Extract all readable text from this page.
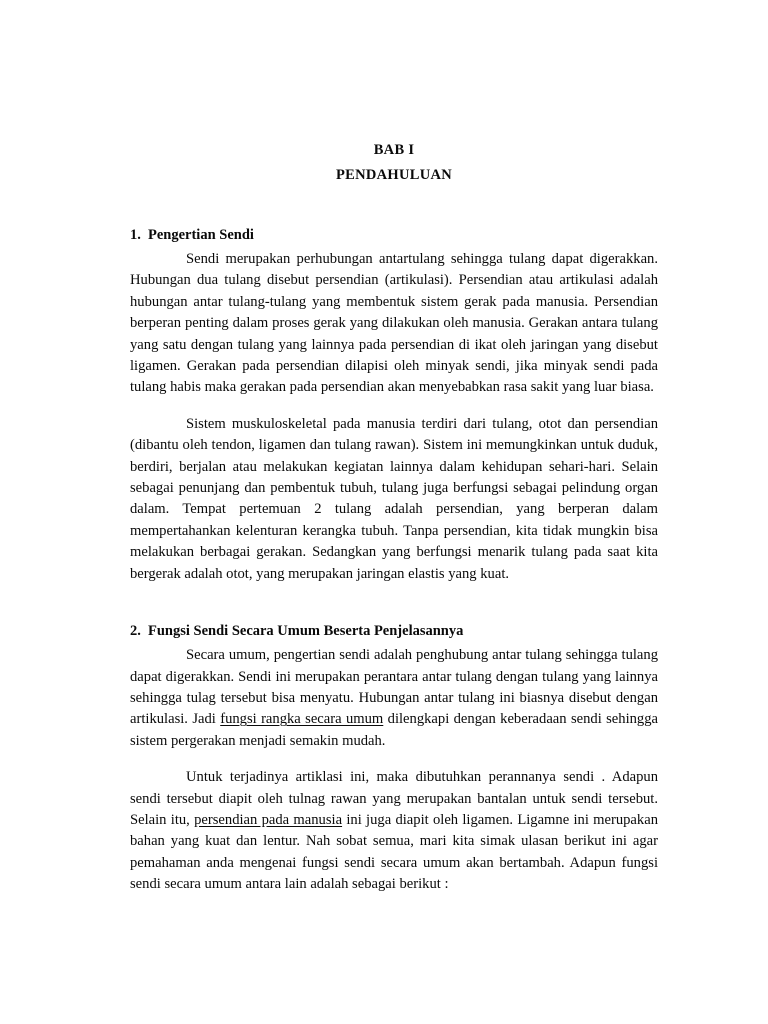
BAB I
PENDAHULUAN
1. Pengertian Sendi

Sendi merupakan perhubungan antartulang sehingga tulang dapat digerakkan. Hubungan dua tulang disebut persendian (artikulasi). Persendian atau artikulasi adalah hubungan antar tulang-tulang yang membentuk sistem gerak pada manusia. Persendian berperan penting dalam proses gerak yang dilakukan oleh manusia. Gerakan antara tulang yang satu dengan tulang yang lainnya pada persendian di ikat oleh jaringan yang disebut ligamen. Gerakan pada persendian dilapisi oleh minyak sendi, jika minyak sendi pada tulang habis maka gerakan pada persendian akan menyebabkan rasa sakit yang luar biasa.

Sistem muskuloskeletal pada manusia terdiri dari tulang, otot dan persendian (dibantu oleh tendon, ligamen dan tulang rawan). Sistem ini memungkinkan untuk duduk, berdiri, berjalan atau melakukan kegiatan lainnya dalam kehidupan sehari-hari. Selain sebagai penunjang dan pembentuk tubuh, tulang juga berfungsi sebagai pelindung organ dalam. Tempat pertemuan 2 tulang adalah persendian, yang berperan dalam mempertahankan kelenturan kerangka tubuh. Tanpa persendian, kita tidak mungkin bisa melakukan berbagai gerakan. Sedangkan yang berfungsi menarik tulang pada saat kita bergerak adalah otot, yang merupakan jaringan elastis yang kuat.

2. Fungsi Sendi Secara Umum Beserta Penjelasannya

Secara umum, pengertian sendi adalah penghubung antar tulang sehingga tulang dapat digerakkan. Sendi ini merupakan perantara antar tulang dengan tulang yang lainnya sehingga tulag tersebut bisa menyatu. Hubungan antar tulang ini biasnya disebut dengan artikulasi. Jadi fungsi rangka secara umum dilengkapi dengan keberadaan sendi sehingga sistem pergerakan menjadi semakin mudah.

Untuk terjadinya artiklasi ini, maka dibutuhkan perannanya sendi . Adapun sendi tersebut diapit oleh tulnag rawan yang merupakan bantalan untuk sendi tersebut. Selain itu, persendian pada manusia ini juga diapit oleh ligamen. Ligamne ini merupakan bahan yang kuat dan lentur. Nah sobat semua, mari kita simak ulasan berikut ini agar pemahaman anda mengenai fungsi sendi secara umum akan bertambah. Adapun fungsi sendi secara umum antara lain adalah sebagai berikut :
